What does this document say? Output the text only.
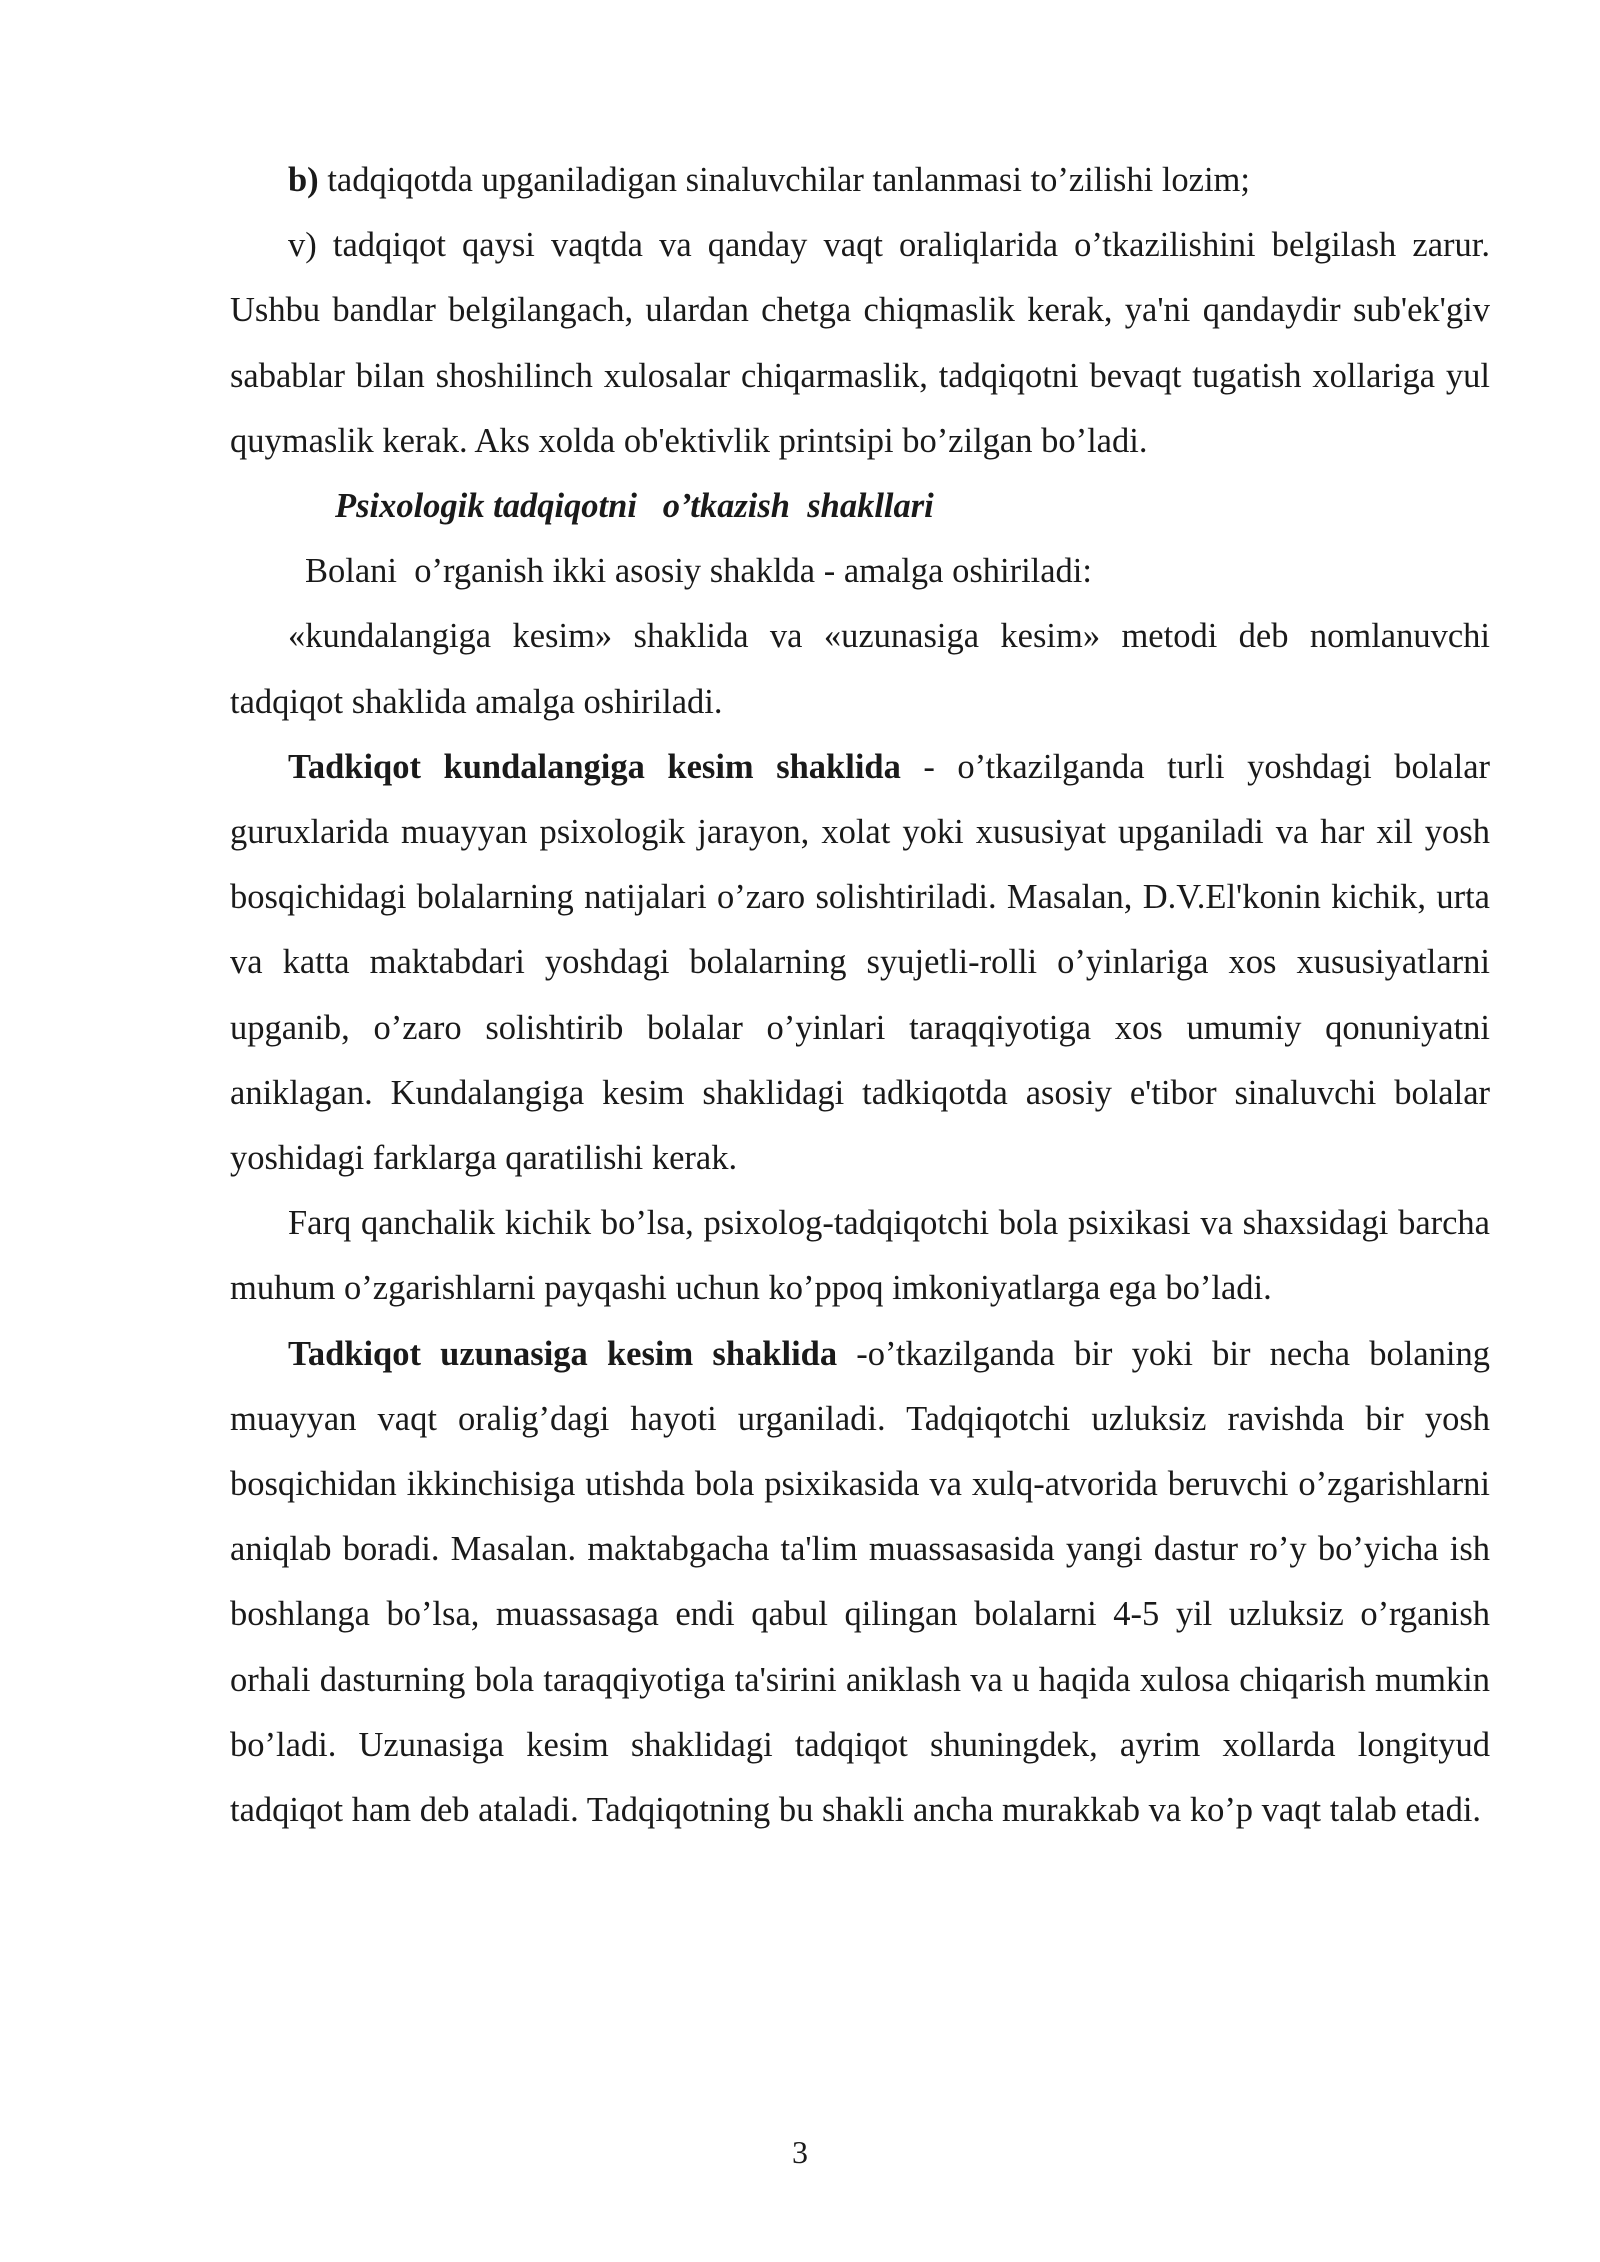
b) tadqiqotda upganiladigan sinaluvchilar tanlanmasi to’zilishi lozim;

v) tadqiqot qaysi vaqtda va qanday vaqt oraliqlarida o’tkazilishini belgilash zarur. Ushbu bandlar belgilangach, ulardan chetga chiqmaslik kerak, ya'ni qandaydir sub'ek'giv sabablar bilan shoshilinch xulosalar chiqarmaslik, tadqiqotni bevaqt tugatish xollariga yul quymaslik kerak. Aks xolda ob'ektivlik printsipi bo’zilgan bo’ladi.

Psixologik tadqiqotni   o’tkazish  shakllari

Bolani  o’rganish ikki asosiy shaklda - amalga oshiriladi:

«kundalangiga kesim» shaklida va «uzunasiga kesim» metodi deb nomlanuvchi tadqiqot shaklida amalga oshiriladi.

Tadkiqot kundalangiga kesim shaklida - o’tkazilganda turli yoshdagi bolalar guruxlarida muayyan psixologik jarayon, xolat yoki xususiyat upganiladi va har xil yosh bosqichidagi bolalarning natijalari o’zaro solishtiriladi. Masalan, D.V.El'konin kichik, urta va katta maktabdari yoshdagi bolalarning syujetli-rolli o’yinlariga xos xususiyatlarni upganib, o’zaro solishtirib bolalar o’yinlari taraqqiyotiga xos umumiy qonuniyatni aniklagan. Kundalangiga kesim shaklidagi tadkiqotda asosiy e'tibor sinaluvchi bolalar yoshidagi farklarga qaratilishi kerak.

Farq qanchalik kichik bo’lsa, psixolog-tadqiqotchi bola psixikasi va shaxsidagi barcha muhum o’zgarishlarni payqashi uchun ko’ppoq imkoniyatlarga ega bo’ladi.

Tadkiqot uzunasiga kesim shaklida -o’tkazilganda bir yoki bir necha bolaning muayyan vaqt oralig’dagi hayoti urganiladi. Tadqiqotchi uzluksiz ravishda bir yosh bosqichidan ikkinchisiga utishda bola psixikasida va xulq-atvorida beruvchi o’zgarishlarni aniqlab boradi. Masalan. maktabgacha ta'lim muassasasida yangi dastur ro’y bo’yicha ish boshlanga bo’lsa, muassasaga endi qabul qilingan bolalarni 4-5 yil uzluksiz o’rganish orhali dasturning bola taraqqiyotiga ta'sirini aniklash va u haqida xulosa chiqarish mumkin bo’ladi. Uzunasiga kesim shaklidagi tadqiqot shuningdek, ayrim xollarda longityud tadqiqot ham deb ataladi. Tadqiqotning bu shakli ancha murakkab va ko’p vaqt talab etadi.

3
